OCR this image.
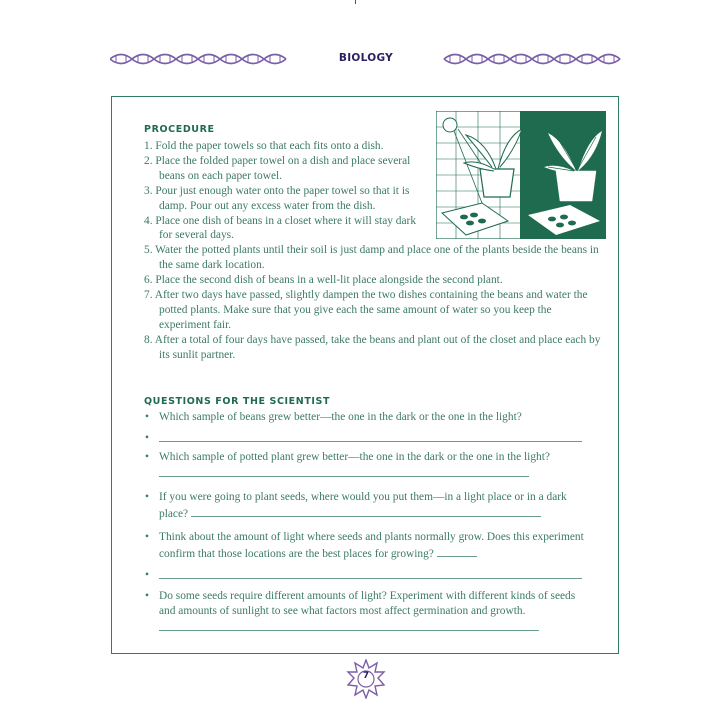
BIOLOGY
PROCEDURE
1. Fold the paper towels so that each fits onto a dish.
2. Place the folded paper towel on a dish and place several beans on each paper towel.
3. Pour just enough water onto the paper towel so that it is damp. Pour out any excess water from the dish.
4. Place one dish of beans in a closet where it will stay dark for several days.
5. Water the potted plants until their soil is just damp and place one of the plants beside the beans in the same dark location.
6. Place the second dish of beans in a well-lit place alongside the second plant.
7. After two days have passed, slightly dampen the two dishes containing the beans and water the potted plants. Make sure that you give each the same amount of water so you keep the experiment fair.
8. After a total of four days have passed, take the beans and plant out of the closet and place each by its sunlit partner.
QUESTIONS FOR THE SCIENTIST
• Which sample of beans grew better—the one in the dark or the one in the light?
•
• Which sample of potted plant grew better—the one in the dark or the one in the light?
• If you were going to plant seeds, where would you put them—in a light place or in a dark place?
• Think about the amount of light where seeds and plants normally grow. Does this experiment confirm that those locations are the best places for growing?
•
• Do some seeds require different amounts of light? Experiment with different kinds of seeds and amounts of sunlight to see what factors most affect germination and growth.
7
